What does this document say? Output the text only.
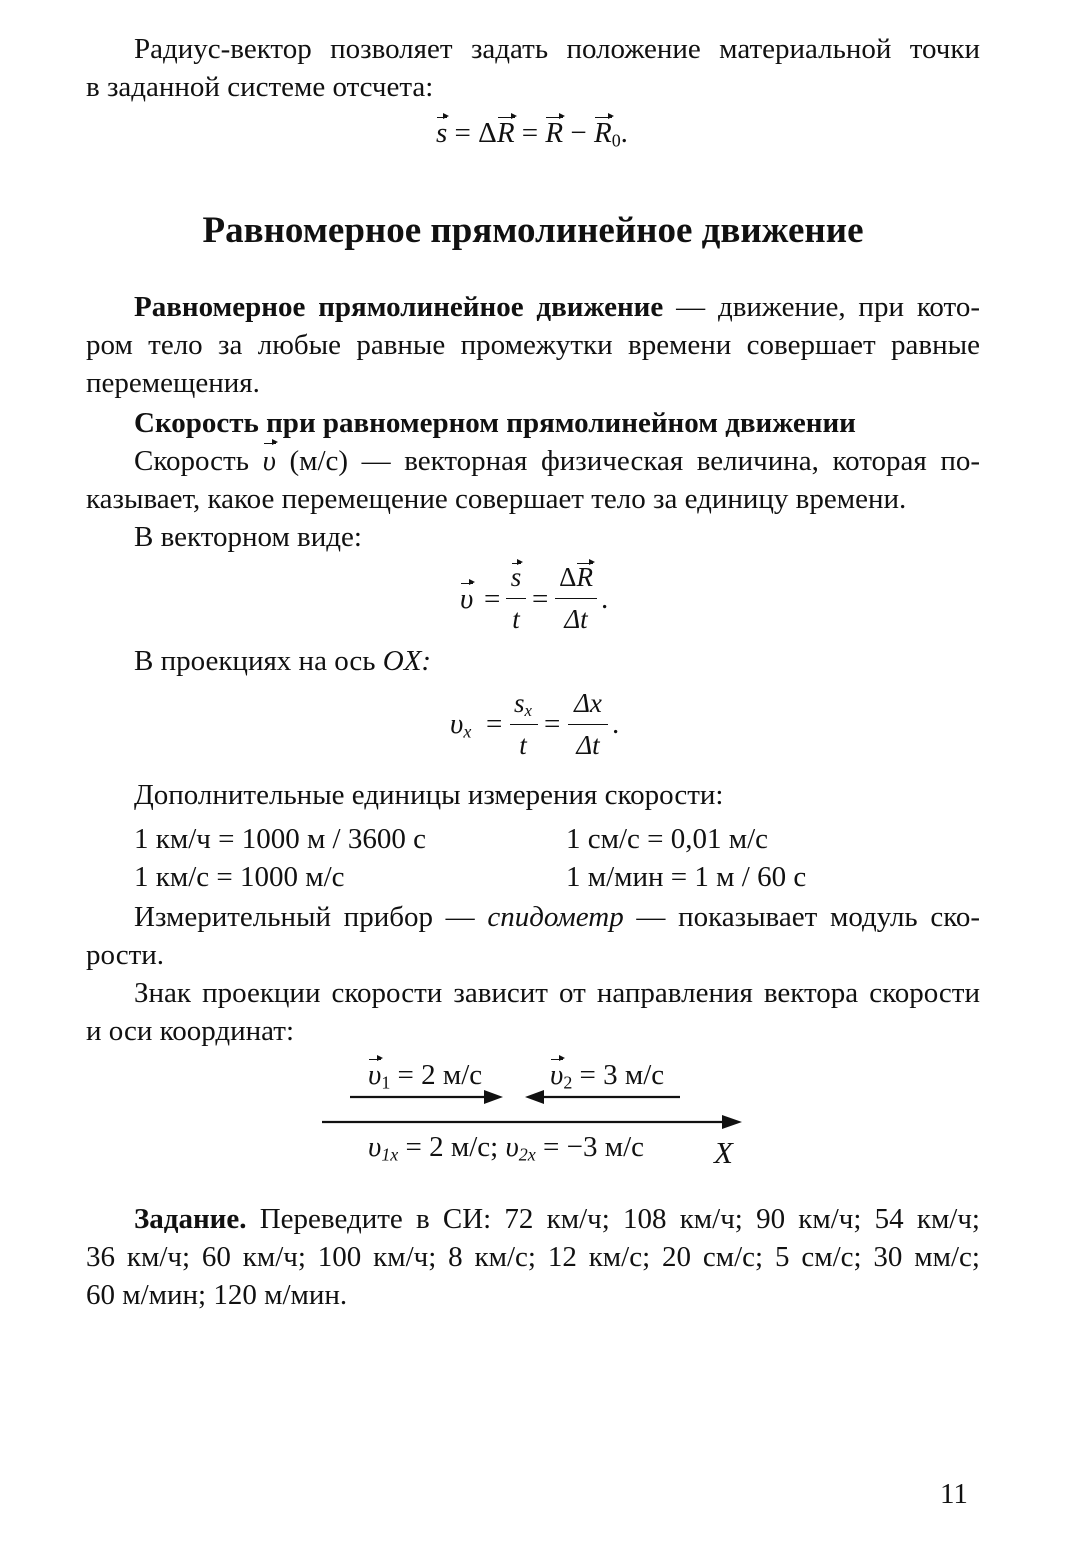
Радиус-вектор позволяет задать положение материальной точки
в заданной системе отсчета:
$s = \Delta R = R - R_0$.
Равномерное прямолинейное движение
Равномерное прямолинейное движение — движение, при кото-
ром тело за любые равные промежутки времени совершает равные
перемещения.
Скорость при равномерном прямолинейном движении
Скорость υ (м/с) — векторная физическая величина, которая по-
казывает, какое перемещение совершает тело за единицу времени.
В векторном виде:
υ =
s
t
=
ΔR
Δt
.
В проекциях на ось OX:
$\upsilon_x$ =
$s_x$
t
=
Δx
Δt
.
Дополнительные единицы измерения скорости:
1 км/ч = 1000 м / 3600 с	1 см/с = 0,01 м/с
1 км/с = 1000 м/с	1 м/мин = 1 м / 60 с
Измерительный прибор — спидометр — показывает модуль ско-
рости.
Знак проекции скорости зависит от направления вектора скорости
и оси координат:
$\upsilon_1 = 2$ м/с $\upsilon_2 = 3$ м/с
$\upsilon_{1x} = 2$ м/с; $\upsilon_{2x} = -3$ м/с X
Задание. Переведите в СИ: 72 км/ч; 108 км/ч; 90 км/ч; 54 км/ч;
36 км/ч; 60 км/ч; 100 км/ч; 8 км/с; 12 км/с; 20 см/с; 5 см/с; 30 мм/с;
60 м/мин; 120 м/мин.
11
